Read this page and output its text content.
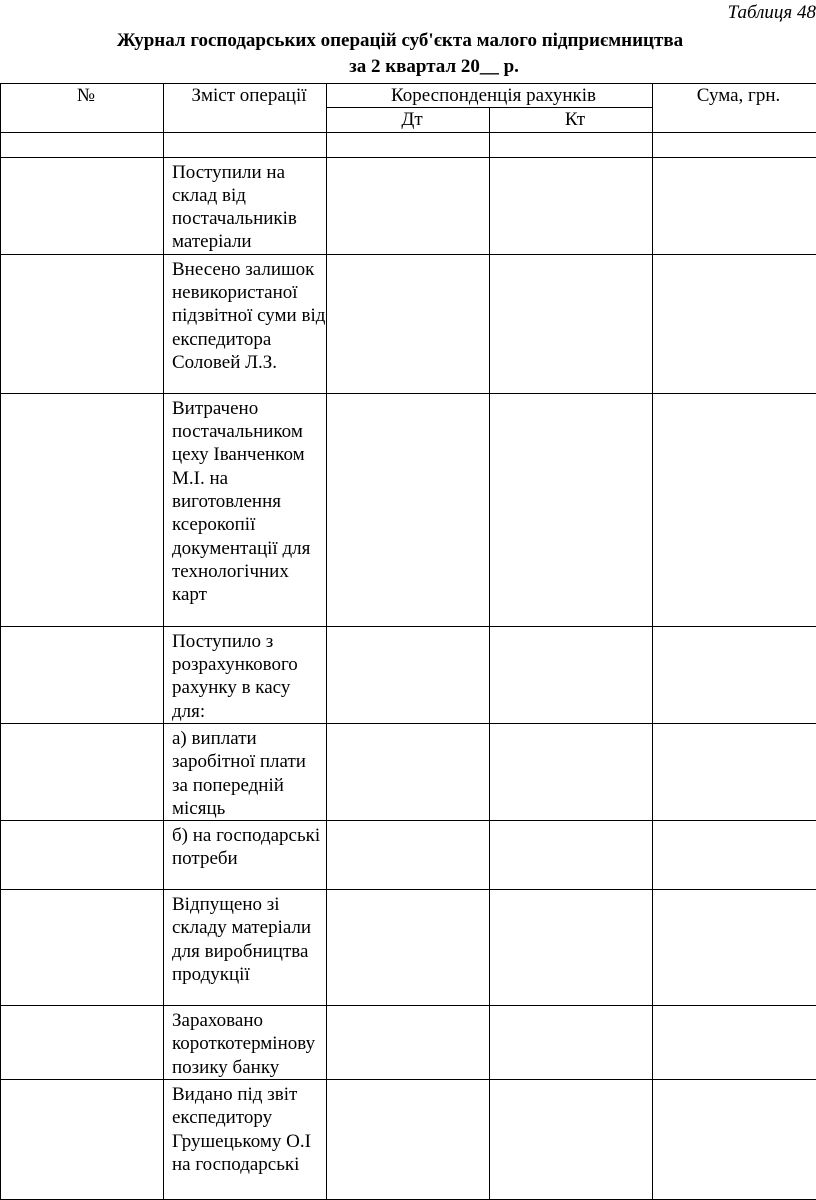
Таблиця 48
Журнал господарських операцій суб'єкта малого підприємництва
за 2 квартал 20__ р.
№	Зміст операції	Кореспонденція рахунків		Сума, грн.
		Дт	Кт	

	Поступили на склад від постачальників матеріали			
	Внесено залишок невикористаної підзвітної суми від експедитора Соловей Л.З.			
	Витрачено постачальником цеху Іванченком М.І. на виготовлення ксерокопії документації для технологічних карт			
	Поступило з розрахункового рахунку в касу для:			
	а) виплати заробітної плати за попередній місяць			
	б) на господарські потреби			
	Відпущено зі складу матеріали для виробництва продукції			
	Зараховано короткотермінову позику банку			
	Видано під звіт експедитору Грушецькому О.І на господарські			
